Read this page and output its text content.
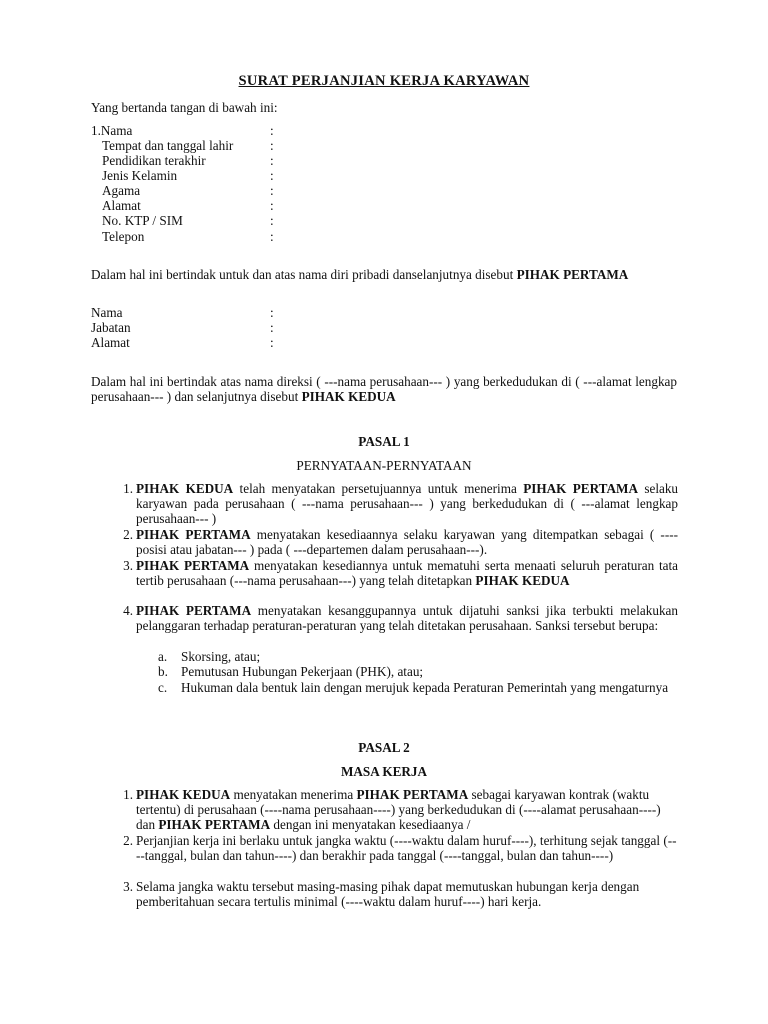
SURAT PERJANJIAN KERJA KARYAWAN
Yang bertanda tangan di bawah ini:
1.Nama	:
Tempat dan tanggal lahir	:
Pendidikan terakhir	:
Jenis Kelamin	:
Agama	:
Alamat	:
No. KTP / SIM	:
Telepon	:
Dalam hal ini bertindak untuk dan atas nama diri pribadi danselanjutnya disebut PIHAK PERTAMA
Nama	:
Jabatan	:
Alamat	:
Dalam hal ini bertindak atas nama direksi ( ---nama perusahaan--- ) yang berkedudukan di ( ---alamat lengkap perusahaan--- ) dan selanjutnya disebut PIHAK KEDUA
PASAL 1
PERNYATAAN-PERNYATAAN
1. PIHAK KEDUA telah menyatakan persetujuannya untuk menerima PIHAK PERTAMA selaku karyawan pada perusahaan ( ---nama perusahaan--- ) yang berkedudukan di ( ---alamat lengkap perusahaan--- )
2. PIHAK PERTAMA menyatakan kesediaannya selaku karyawan yang ditempatkan sebagai ( ----posisi atau jabatan--- ) pada ( ---departemen dalam perusahaan---).
3. PIHAK PERTAMA menyatakan kesediannya untuk mematuhi serta menaati seluruh peraturan tata tertib perusahaan (---nama perusahaan---) yang telah ditetapkan PIHAK KEDUA
4. PIHAK PERTAMA menyatakan kesanggupannya untuk dijatuhi sanksi jika terbukti melakukan pelanggaran terhadap peraturan-peraturan yang telah ditetakan perusahaan. Sanksi tersebut berupa:
a. Skorsing, atau;
b. Pemutusan Hubungan Pekerjaan (PHK), atau;
c. Hukuman dala bentuk lain dengan merujuk kepada Peraturan Pemerintah yang mengaturnya
PASAL 2
MASA KERJA
1. PIHAK KEDUA menyatakan menerima PIHAK PERTAMA sebagai karyawan kontrak (waktu tertentu) di perusahaan (----nama perusahaan----) yang berkedudukan di (----alamat perusahaan----) dan PIHAK PERTAMA dengan ini menyatakan kesediaanya /
2. Perjanjian kerja ini berlaku untuk jangka waktu (----waktu dalam huruf----), terhitung sejak tanggal (----tanggal, bulan dan tahun----) dan berakhir pada tanggal (----tanggal, bulan dan tahun----)
3. Selama jangka waktu tersebut masing-masing pihak dapat memutuskan hubungan kerja dengan pemberitahuan secara tertulis minimal (----waktu dalam huruf----) hari kerja.
